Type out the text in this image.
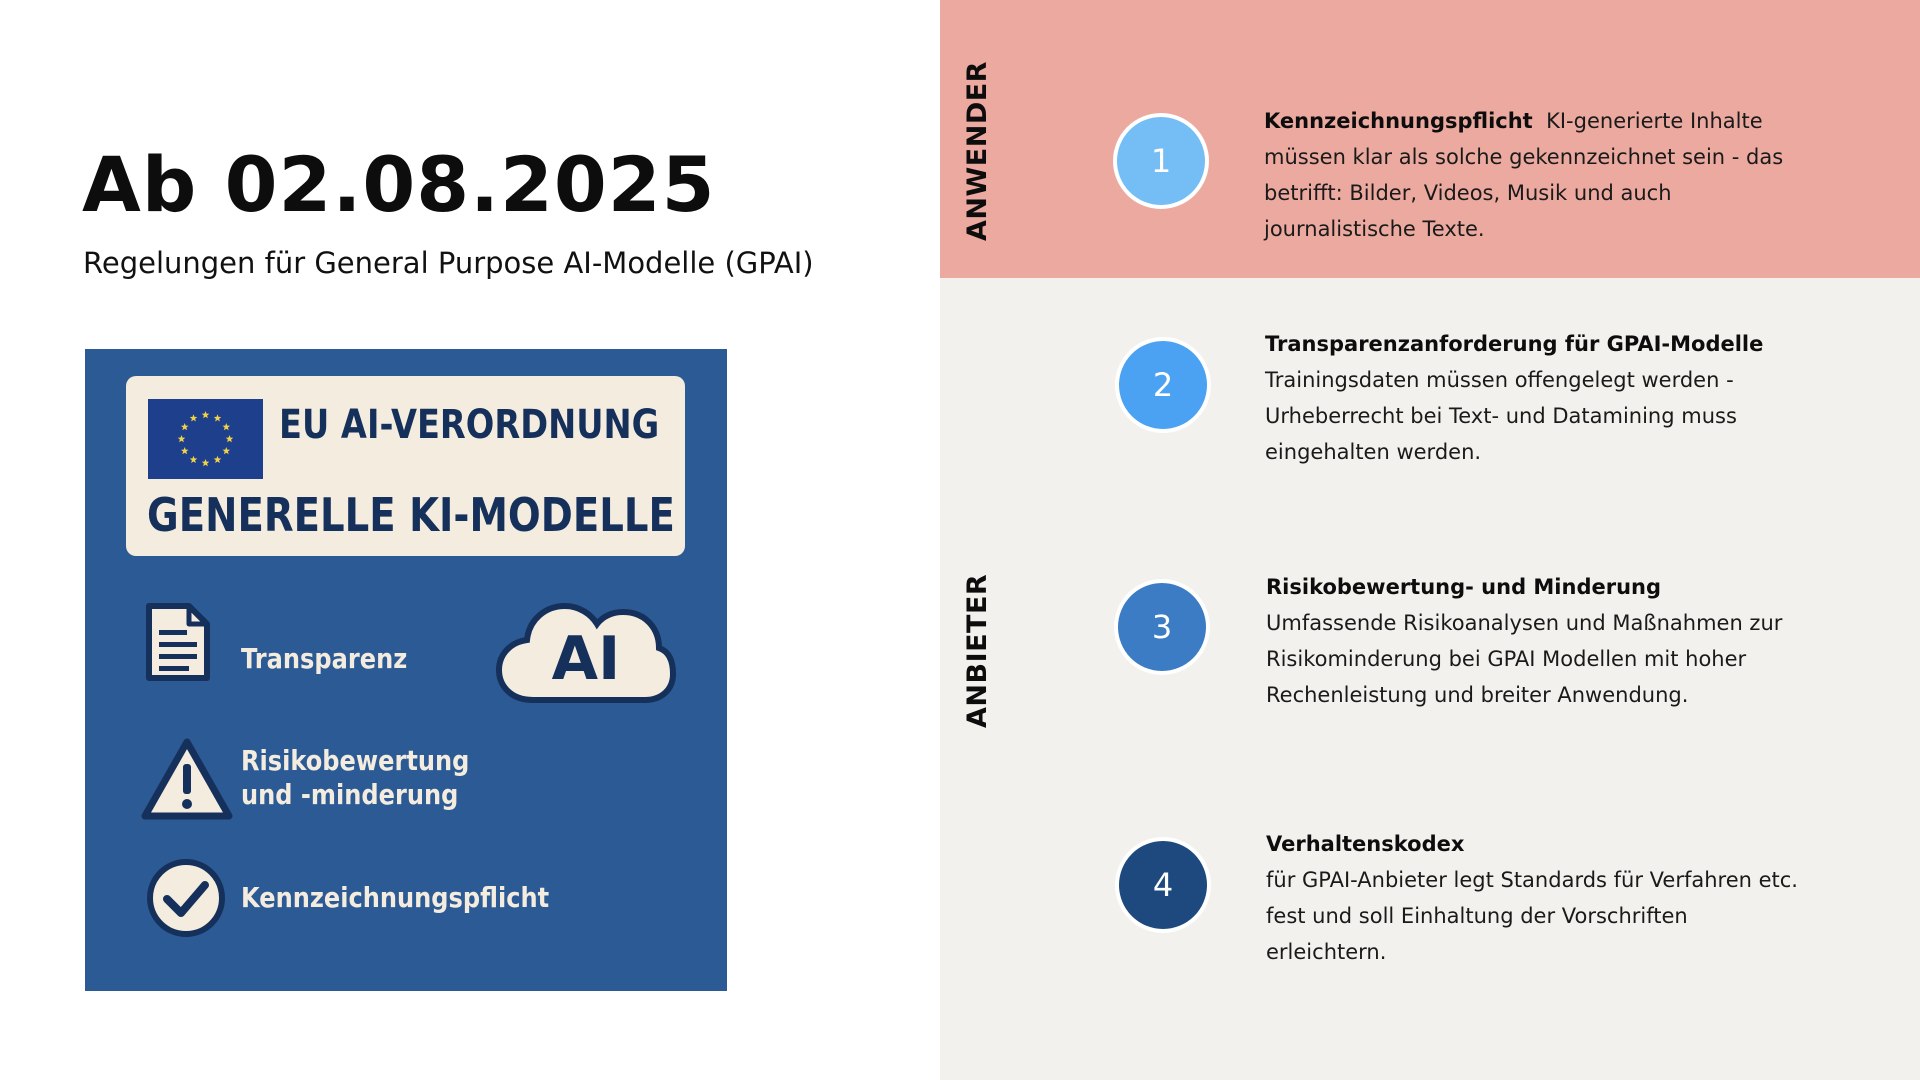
Ab 02.08.2025
Regelungen für General Purpose AI-Modelle (GPAI)
EU AI-VERORDNUNG
GENERELLE KI-MODELLE
Transparenz AI
Risikobewertung
und -minderung
Kennzeichnungspflicht
ANWENDER
ANBIETER
1
Kennzeichnungspflicht KI-generierte Inhalte müssen klar als solche gekennzeichnet sein - das betrifft: Bilder, Videos, Musik und auch journalistische Texte.
2
Transparenzanforderung für GPAI-Modelle
Trainingsdaten müssen offengelegt werden - Urheberrecht bei Text- und Datamining muss eingehalten werden.
3
Risikobewertung- und Minderung
Umfassende Risikoanalysen und Maßnahmen zur Risikominderung bei GPAI Modellen mit hoher Rechenleistung und breiter Anwendung.
4
Verhaltenskodex
für GPAI-Anbieter legt Standards für Verfahren etc. fest und soll Einhaltung der Vorschriften erleichtern.
